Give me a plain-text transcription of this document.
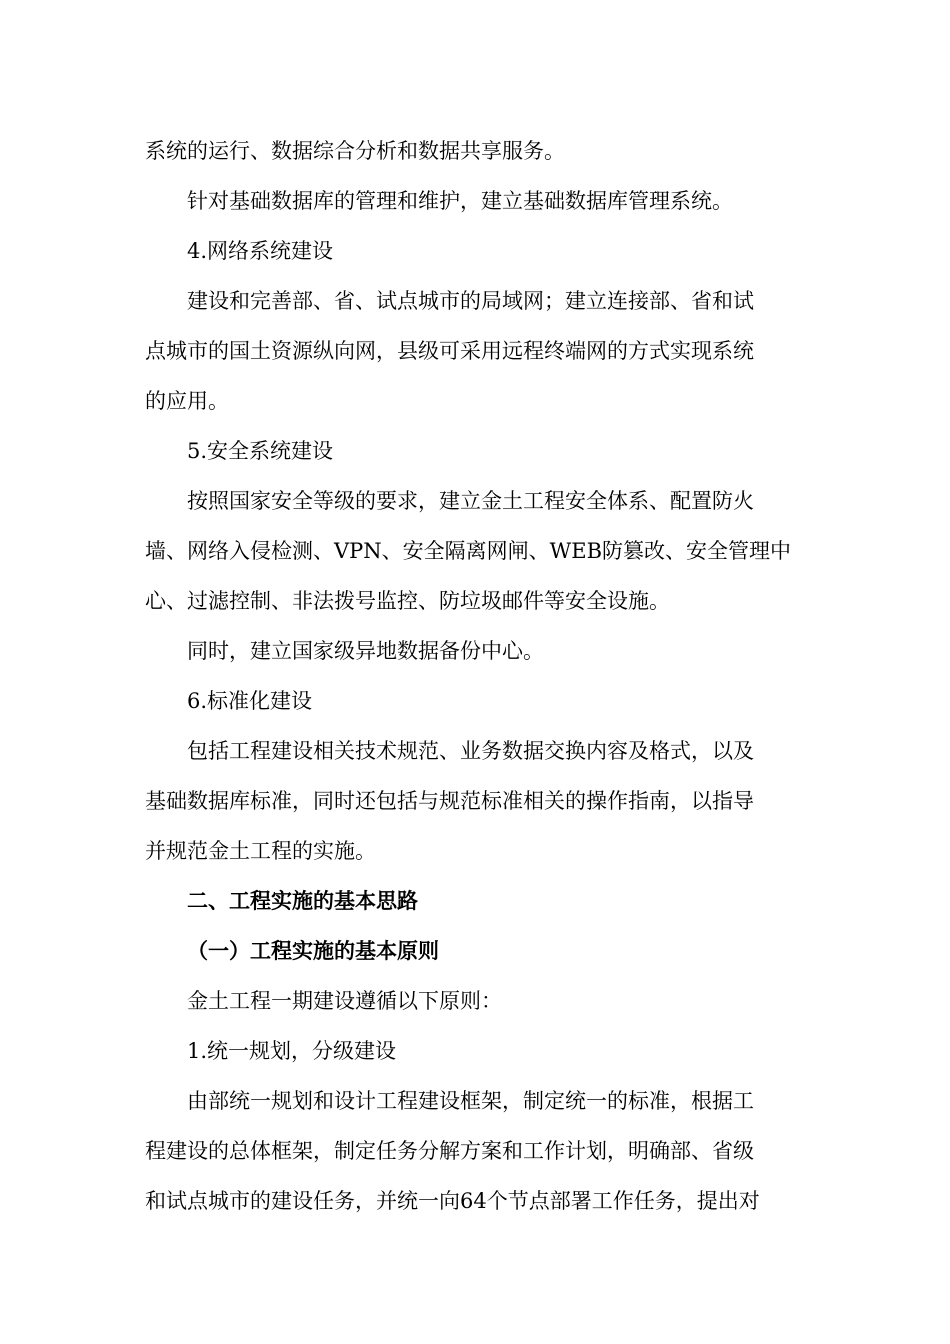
系统的运行、数据综合分析和数据共享服务。
针对基础数据库的管理和维护，建立基础数据库管理系统。
4.网络系统建设
建设和完善部、省、试点城市的局域网；建立连接部、省和试
点城市的国土资源纵向网，县级可采用远程终端网的方式实现系统
的应用。
5.安全系统建设
按照国家安全等级的要求，建立金土工程安全体系、配置防火
墙、网络入侵检测、VPN、安全隔离网闸、WEB防篡改、安全管理中
心、过滤控制、非法拨号监控、防垃圾邮件等安全设施。
同时，建立国家级异地数据备份中心。
6.标准化建设
包括工程建设相关技术规范、业务数据交换内容及格式，以及
基础数据库标准，同时还包括与规范标准相关的操作指南，以指导
并规范金土工程的实施。
二、工程实施的基本思路
（一）工程实施的基本原则
金土工程一期建设遵循以下原则：
1.统一规划，分级建设
由部统一规划和设计工程建设框架，制定统一的标准，根据工
程建设的总体框架，制定任务分解方案和工作计划，明确部、省级
和试点城市的建设任务，并统一向64个节点部署工作任务，提出对
